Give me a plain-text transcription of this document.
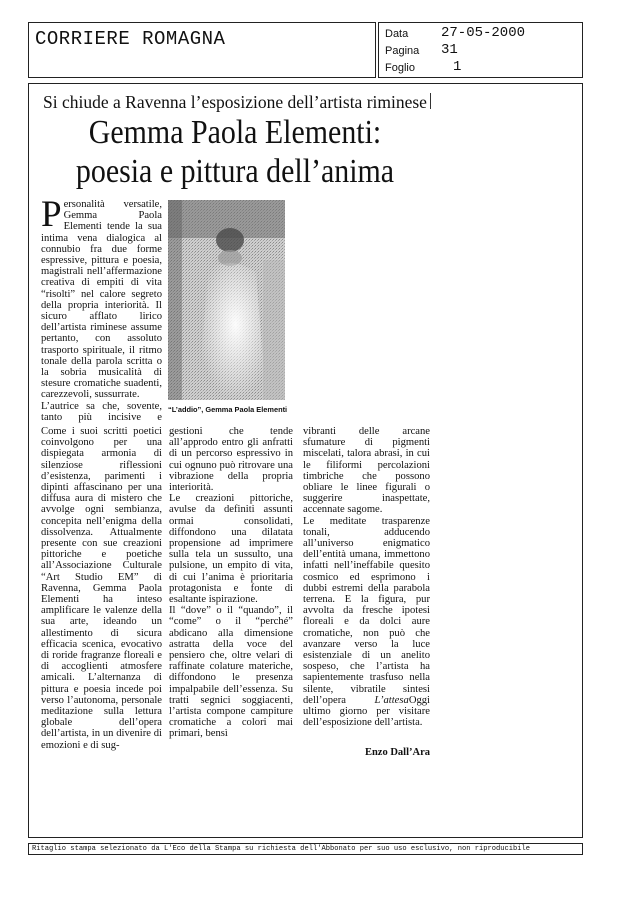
CORRIERE ROMAGNA	Data
Pagina
Foglio
27-05-2000
31
1
Si chiude a Ravenna l’esposizione dell’artista riminese
Gemma Paola Elementi:
poesia e pittura dell’anima
“L’addio”, Gemma Paola Elementi
P ersonalità versatile, Gemma Paola Elementi tende la sua intima vena dialogica al connubio fra due forme espressive, pittura e poesia, magistrali nell’affermazione creativa di empiti di vita “risolti” nel calore segreto della propria interiorità. Il sicuro afflato lirico dell’artista riminese assume pertanto, con assoluto trasporto spirituale, il ritmo tonale della parola scritta o la sobria musicalità di stesure cromatiche suadenti, carezzevoli, sussurrate.

L’autrice sa che, sovente, tanto più incisive e

Come i suoi scritti poetici coinvolgono per una dispiegata armonia di silenziose riflessioni d’esistenza, parimenti i dipinti affascinano per una diffusa aura di mistero che avvolge ogni sembianza, concepita nell’enigma della dissolvenza. Attualmente presente con sue creazioni pittoriche e poetiche all’Associazione Culturale “Art Studio EM” di Ravenna, Gemma Paola Elementi ha inteso amplificare le valenze della sua arte, ideando un allestimento di sicura efficacia scenica, evocativo di roride fragranze floreali e di accoglienti atmosfere amicali. L’alternanza di pittura e poesia incede poi verso l’autonoma, personale meditazione sulla lettura globale dell’opera dell’artista, in un divenire di emozioni e di sug-

gestioni che tende all’approdo entro gli anfratti di un percorso espressivo in cui ognuno può ritrovare una vibrazione della propria interiorità.

Le creazioni pittoriche, avulse da definiti assunti ormai consolidati, diffondono una dilatata propensione ad imprimere sulla tela un sussulto, una pulsione, un empito di vita, di cui l’anima è prioritaria protagonista e fonte di esaltante ispirazione.

Il “dove” o il “quando”, il “come” o il “perché” abdicano alla dimensione astratta della voce del pensiero che, oltre velari di raffinate colature materiche, diffondono le presenza impalpabile dell’essenza. Su tratti segnici soggiacenti, l’artista compone campiture cromatiche a colori mai primari, bensì

vibranti delle arcane sfumature di pigmenti miscelati, talora abrasi, in cui le filiformi percolazioni timbriche che possono obliare le linee figurali o suggerire inaspettate, accennate sagome.

Le meditate trasparenze tonali, adducendo all’universo enigmatico dell’entità umana, immettono infatti nell’ineffabile quesito cosmico ed esprimono i dubbi estremi della parabola terrena. E la figura, pur avvolta da fresche ipotesi floreali e da dolci aure cromatiche, non può che avanzare verso la luce esistenziale di un anelito sospeso, che l’artista ha sapientemente trasfuso nella silente, vibratile sintesi dell’opera	L’attesaOggi ultimo giorno per visitare dell’esposizione dell’artista.

Enzo Dall’Ara
Ritaglio stampa selezionato da L'Eco della Stampa su richiesta dell'Abbonato per suo uso esclusivo, non riproducibile
